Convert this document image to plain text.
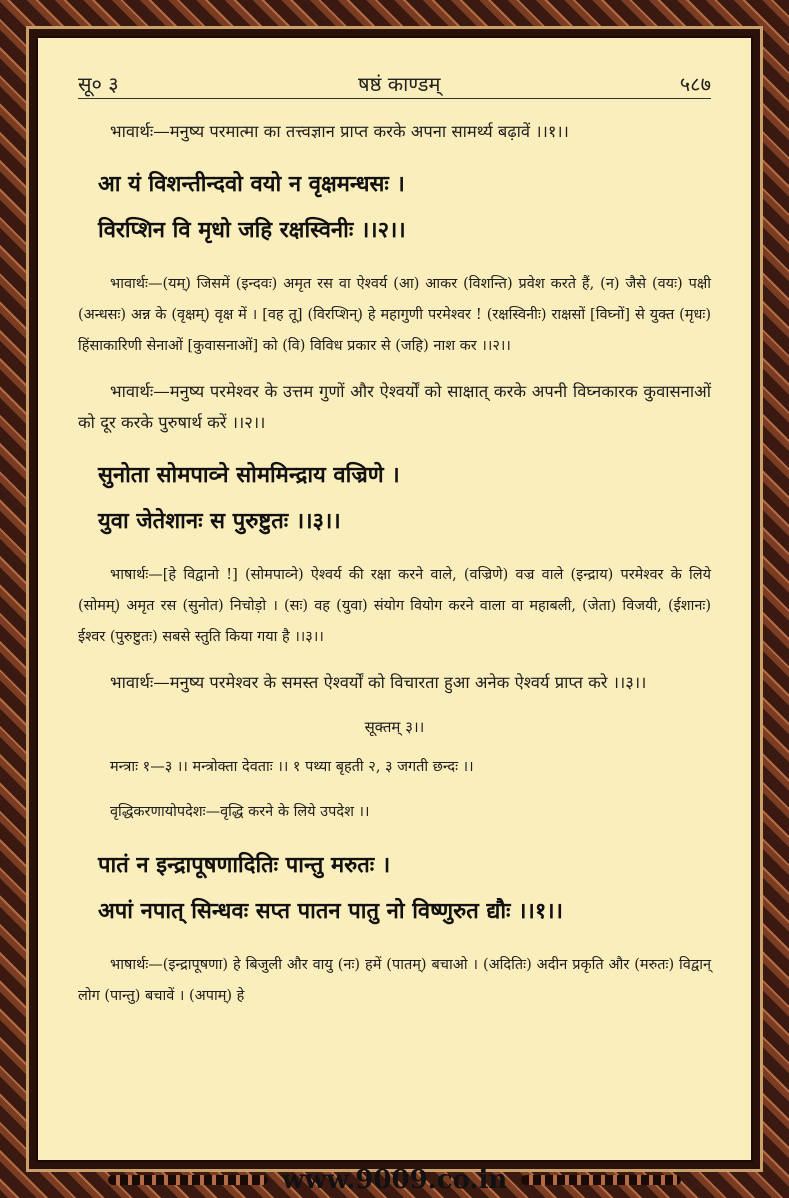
सू० ३	षष्ठं काण्डम्	५८७

भावार्थः—मनुष्य परमात्मा का तत्त्वज्ञान प्राप्त करके अपना सामर्थ्य बढ़ावें ।।१।।

आ यं विशन्तीन्दवो वयो न वृक्षमन्धसः ।

विरप्शिन वि मृधो जहि रक्षस्विनीः ।।२।।

भावार्थः—(यम्) जिसमें (इन्दवः) अमृत रस वा ऐश्वर्य (आ) आकर (विशन्ति) प्रवेश करते हैं, (न) जैसे (वयः) पक्षी (अन्धसः) अन्न के (वृक्षम्) वृक्ष में । [वह तू] (विरप्शिन्) हे महागुणी परमेश्वर ! (रक्षस्विनीः) राक्षसों [विघ्नों] से युक्त (मृधः) हिंसाकारिणी सेनाओं [कुवासनाओं] को (वि) विविध प्रकार से (जहि) नाश कर ।।२।।

भावार्थः—मनुष्य परमेश्वर के उत्तम गुणों और ऐश्वर्यों को साक्षात् करके अपनी विघ्नकारक कुवासनाओं को दूर करके पुरुषार्थ करें ।।२।।

सुनोता सोमपाव्ने सोममिन्द्राय वज्रिणे ।

युवा जेतेशानः स पुरुष्टुतः ।।३।।

भाषार्थः—[हे विद्वानो !] (सोमपाव्ने) ऐश्वर्य की रक्षा करने वाले, (वज्रिणे) वज्र वाले (इन्द्राय) परमेश्वर के लिये (सोमम्) अमृत रस (सुनोत) निचोड़ो । (सः) वह (युवा) संयोग वियोग करने वाला वा महाबली, (जेता) विजयी, (ईशानः) ईश्वर (पुरुष्टुतः) सबसे स्तुति किया गया है ।।३।।

भावार्थः—मनुष्य परमेश्वर के समस्त ऐश्वर्यों को विचारता हुआ अनेक ऐश्वर्य प्राप्त करे ।।३।।

सूक्तम् ३।।

मन्त्राः १—३ ।। मन्त्रोक्ता देवताः ।। १ पथ्या बृहती २, ३ जगती छन्दः ।।

वृद्धिकरणायोपदेशः—वृद्धि करने के लिये उपदेश ।।

पातं न इन्द्रापूषणादितिः पान्तु मरुतः ।

अपां नपात् सिन्धवः सप्त पातन पातु नो विष्णुरुत द्यौः ।।१।।

भाषार्थः—(इन्द्रापूषणा) हे बिजुली और वायु (नः) हमें (पातम्) बचाओ । (अदितिः) अदीन प्रकृति और (मरुतः) विद्वान् लोग (पान्तु) बचावें । (अपाम्) हे

www.9009.co.in
